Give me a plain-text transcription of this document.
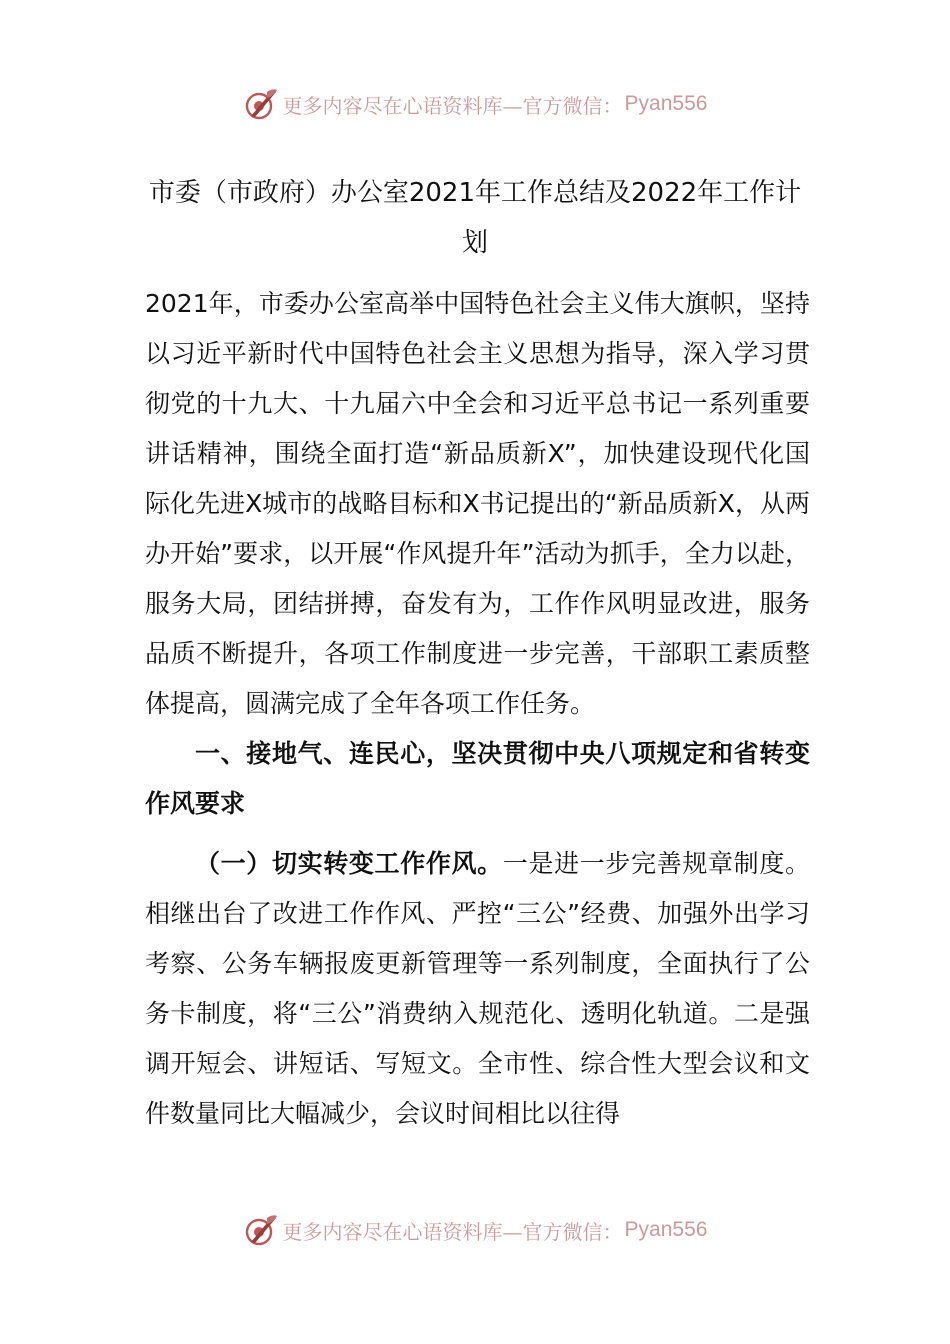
更多内容尽在心语资料库—官方微信： Pyan556
市委（市政府）办公室2021年工作总结及2022年工作计划

2021年，市委办公室高举中国特色社会主义伟大旗帜，坚持以习近平新时代中国特色社会主义思想为指导，深入学习贯彻党的十九大、十九届六中全会和习近平总书记一系列重要讲话精神，围绕全面打造“新品质新X”，加快建设现代化国际化先进X城市的战略目标和X书记提出的“新品质新X，从两办开始”要求，以开展“作风提升年”活动为抓手，全力以赴，服务大局，团结拼搏，奋发有为，工作作风明显改进，服务品质不断提升，各项工作制度进一步完善，干部职工素质整体提高，圆满完成了全年各项工作任务。

一、接地气、连民心，坚决贯彻中央八项规定和省转变作风要求

（一）切实转变工作作风。一是进一步完善规章制度。相继出台了改进工作作风、严控“三公”经费、加强外出学习考察、公务车辆报废更新管理等一系列制度，全面执行了公务卡制度，将“三公”消费纳入规范化、透明化轨道。二是强调开短会、讲短话、写短文。全市性、综合性大型会议和文件数量同比大幅减少，会议时间相比以往得

更多内容尽在心语资料库—官方微信： Pyan556
